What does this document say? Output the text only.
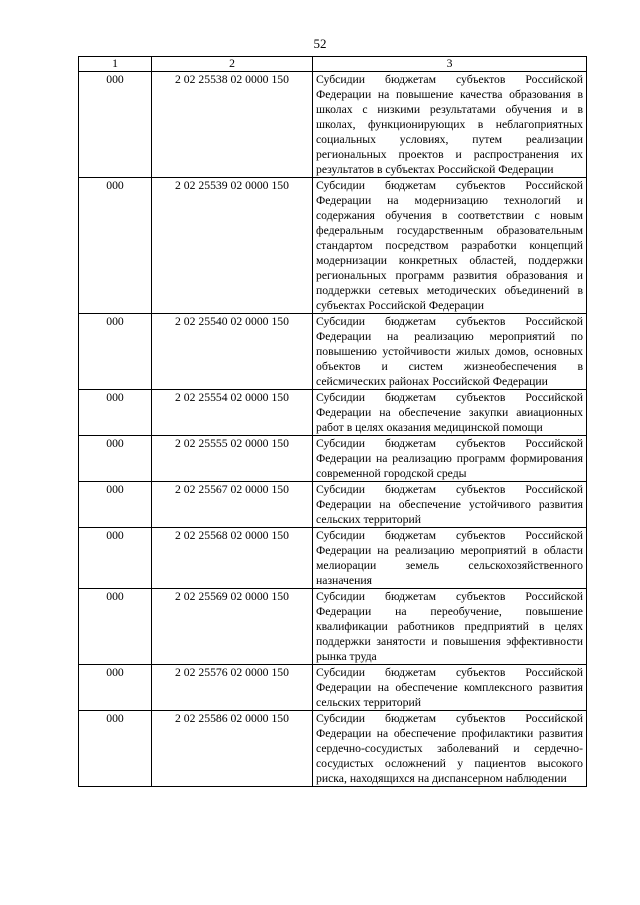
52
1	2	3
000	2 02 25538 02 0000 150	Субсидии бюджетам субъектов Российской Федерации на повышение качества образования в школах с низкими результатами обучения и в школах, функционирующих в неблагоприятных социальных условиях, путем реализации региональных проектов и распространения их результатов в субъектах Российской Федерации
000	2 02 25539 02 0000 150	Субсидии бюджетам субъектов Российской Федерации на модернизацию технологий и содержания обучения в соответствии с новым федеральным государственным образовательным стандартом посредством разработки концепций модернизации конкретных областей, поддержки региональных программ развития образования и поддержки сетевых методических объединений в субъектах Российской Федерации
000	2 02 25540 02 0000 150	Субсидии бюджетам субъектов Российской Федерации на реализацию мероприятий по повышению устойчивости жилых домов, основных объектов и систем жизнеобеспечения в сейсмических районах Российской Федерации
000	2 02 25554 02 0000 150	Субсидии бюджетам субъектов Российской Федерации на обеспечение закупки авиационных работ в целях оказания медицинской помощи
000	2 02 25555 02 0000 150	Субсидии бюджетам субъектов Российской Федерации на реализацию программ формирования современной городской среды
000	2 02 25567 02 0000 150	Субсидии бюджетам субъектов Российской Федерации на обеспечение устойчивого развития сельских территорий
000	2 02 25568 02 0000 150	Субсидии бюджетам субъектов Российской Федерации на реализацию мероприятий в области мелиорации земель сельскохозяйственного назначения
000	2 02 25569 02 0000 150	Субсидии бюджетам субъектов Российской Федерации на переобучение, повышение квалификации работников предприятий в целях поддержки занятости и повышения эффективности рынка труда
000	2 02 25576 02 0000 150	Субсидии бюджетам субъектов Российской Федерации на обеспечение комплексного развития сельских территорий
000	2 02 25586 02 0000 150	Субсидии бюджетам субъектов Российской Федерации на обеспечение профилактики развития сердечно-сосудистых заболеваний и сердечно-сосудистых осложнений у пациентов высокого риска, находящихся на диспансерном наблюдении
